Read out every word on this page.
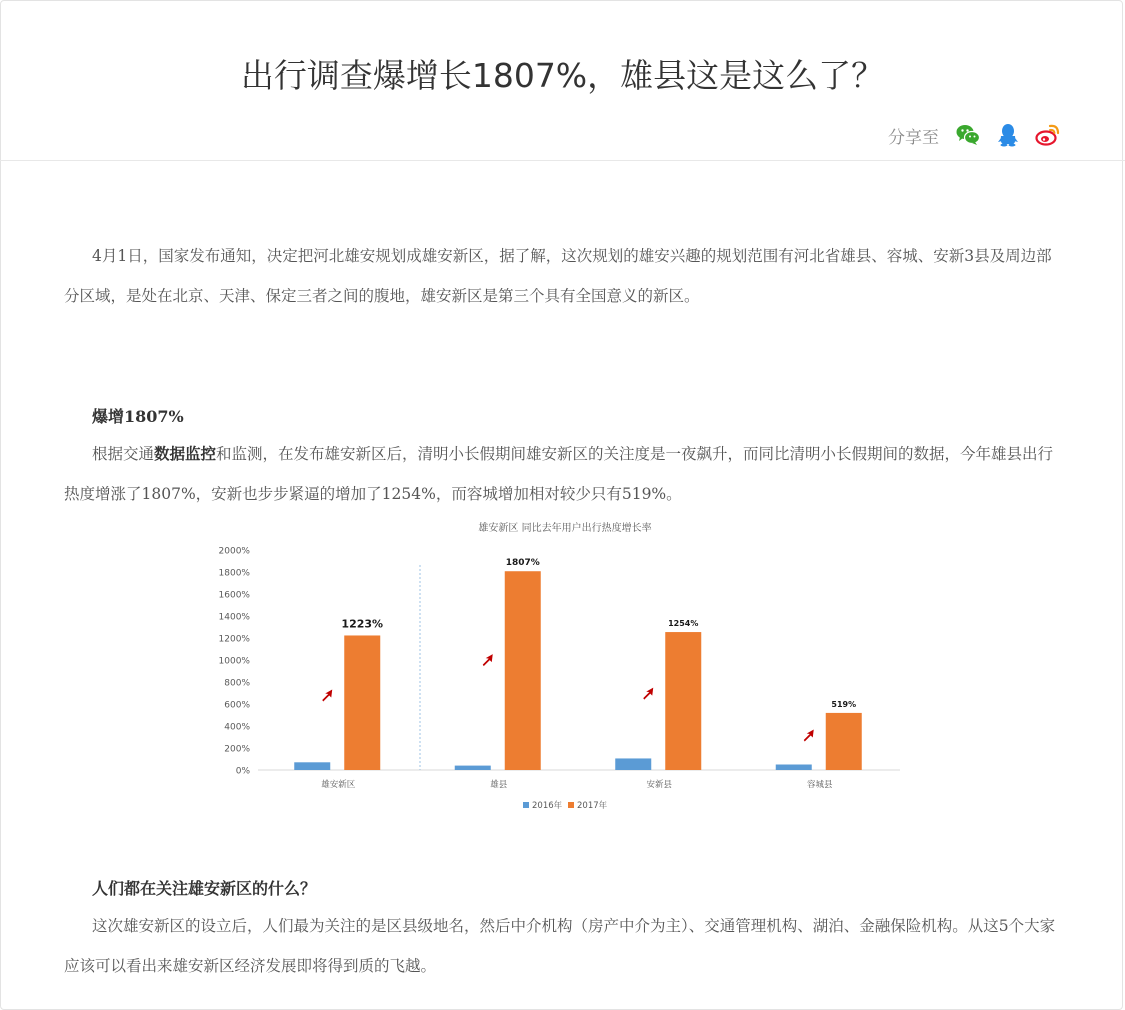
出行调查爆增长1807%，雄县这是这么了？
分享至

4月1日，国家发布通知，决定把河北雄安规划成雄安新区，据了解，这次规划的雄安兴趣的规划范围有河北省雄县、容城、安新3县及周边部分区域，是处在北京、天津、保定三者之间的腹地，雄安新区是第三个具有全国意义的新区。

爆增1807%

根据交通数据监控和监测，在发布雄安新区后，清明小长假期间雄安新区的关注度是一夜飙升，而同比清明小长假期间的数据，今年雄县出行热度增涨了1807%，安新也步步紧逼的增加了1254%，而容城增加相对较少只有519%。

雄安新区 同比去年用户出行热度增长率
0%
200%
400%
600%
800%
1000%
1200%
1400%
1600%
1800%
2000%
1223%
雄安新区
1807%
雄县
1254%
安新县
519%
容城县
2016年 2017年

人们都在关注雄安新区的什么？

这次雄安新区的设立后，人们最为关注的是区县级地名，然后中介机构（房产中介为主）、交通管理机构、湖泊、金融保险机构。从这5个大家应该可以看出来雄安新区经济发展即将得到质的飞越。
